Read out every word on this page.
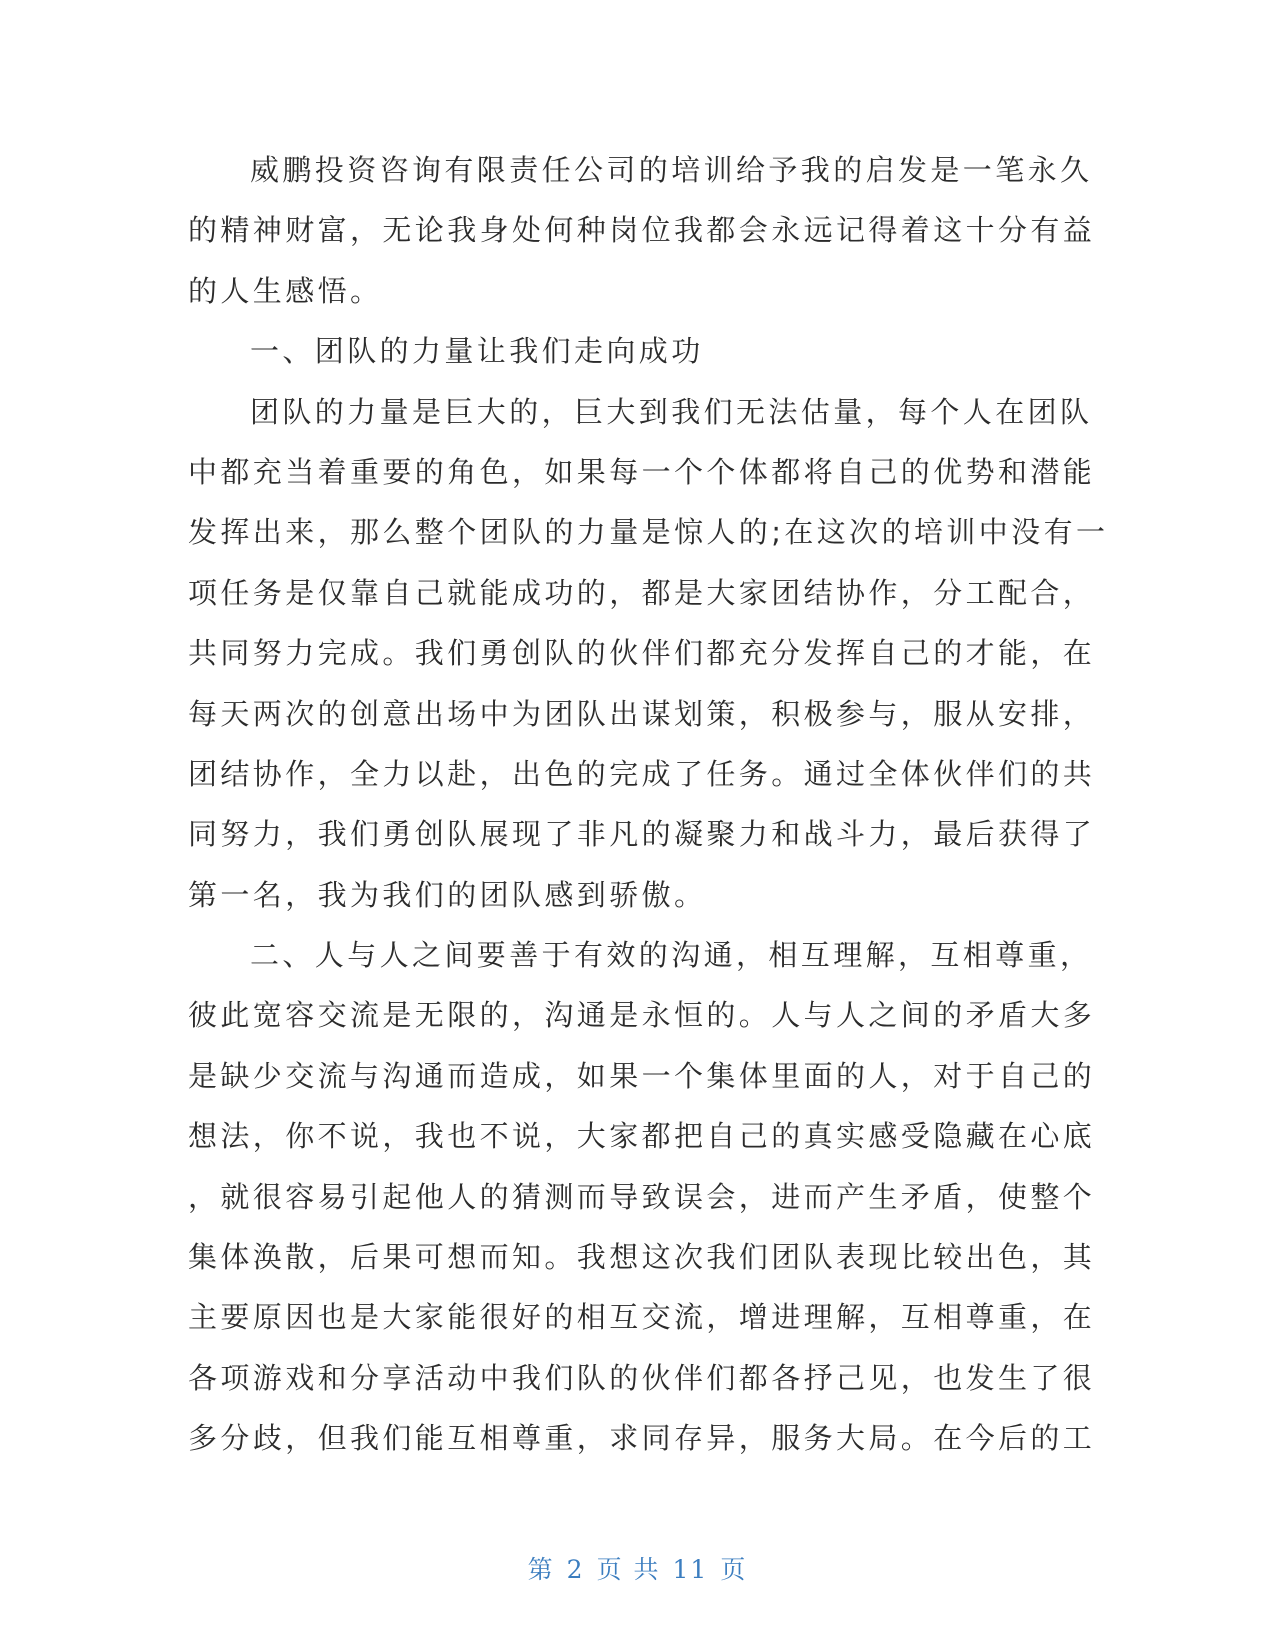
威鹏投资咨询有限责任公司的培训给予我的启发是一笔永久
的精神财富，无论我身处何种岗位我都会永远记得着这十分有益
的人生感悟。
一、团队的力量让我们走向成功
团队的力量是巨大的，巨大到我们无法估量，每个人在团队
中都充当着重要的角色，如果每一个个体都将自己的优势和潜能
发挥出来，那么整个团队的力量是惊人的;在这次的培训中没有一
项任务是仅靠自己就能成功的，都是大家团结协作，分工配合，
共同努力完成。我们勇创队的伙伴们都充分发挥自己的才能，在
每天两次的创意出场中为团队出谋划策，积极参与，服从安排，
团结协作，全力以赴，出色的完成了任务。通过全体伙伴们的共
同努力，我们勇创队展现了非凡的凝聚力和战斗力，最后获得了
第一名，我为我们的团队感到骄傲。
二、人与人之间要善于有效的沟通，相互理解，互相尊重，
彼此宽容交流是无限的，沟通是永恒的。人与人之间的矛盾大多
是缺少交流与沟通而造成，如果一个集体里面的人，对于自己的
想法，你不说，我也不说，大家都把自己的真实感受隐藏在心底
，就很容易引起他人的猜测而导致误会，进而产生矛盾，使整个
集体涣散，后果可想而知。我想这次我们团队表现比较出色，其
主要原因也是大家能很好的相互交流，增进理解，互相尊重，在
各项游戏和分享活动中我们队的伙伴们都各抒己见，也发生了很
多分歧，但我们能互相尊重，求同存异，服务大局。在今后的工
第 2 页 共 11 页
